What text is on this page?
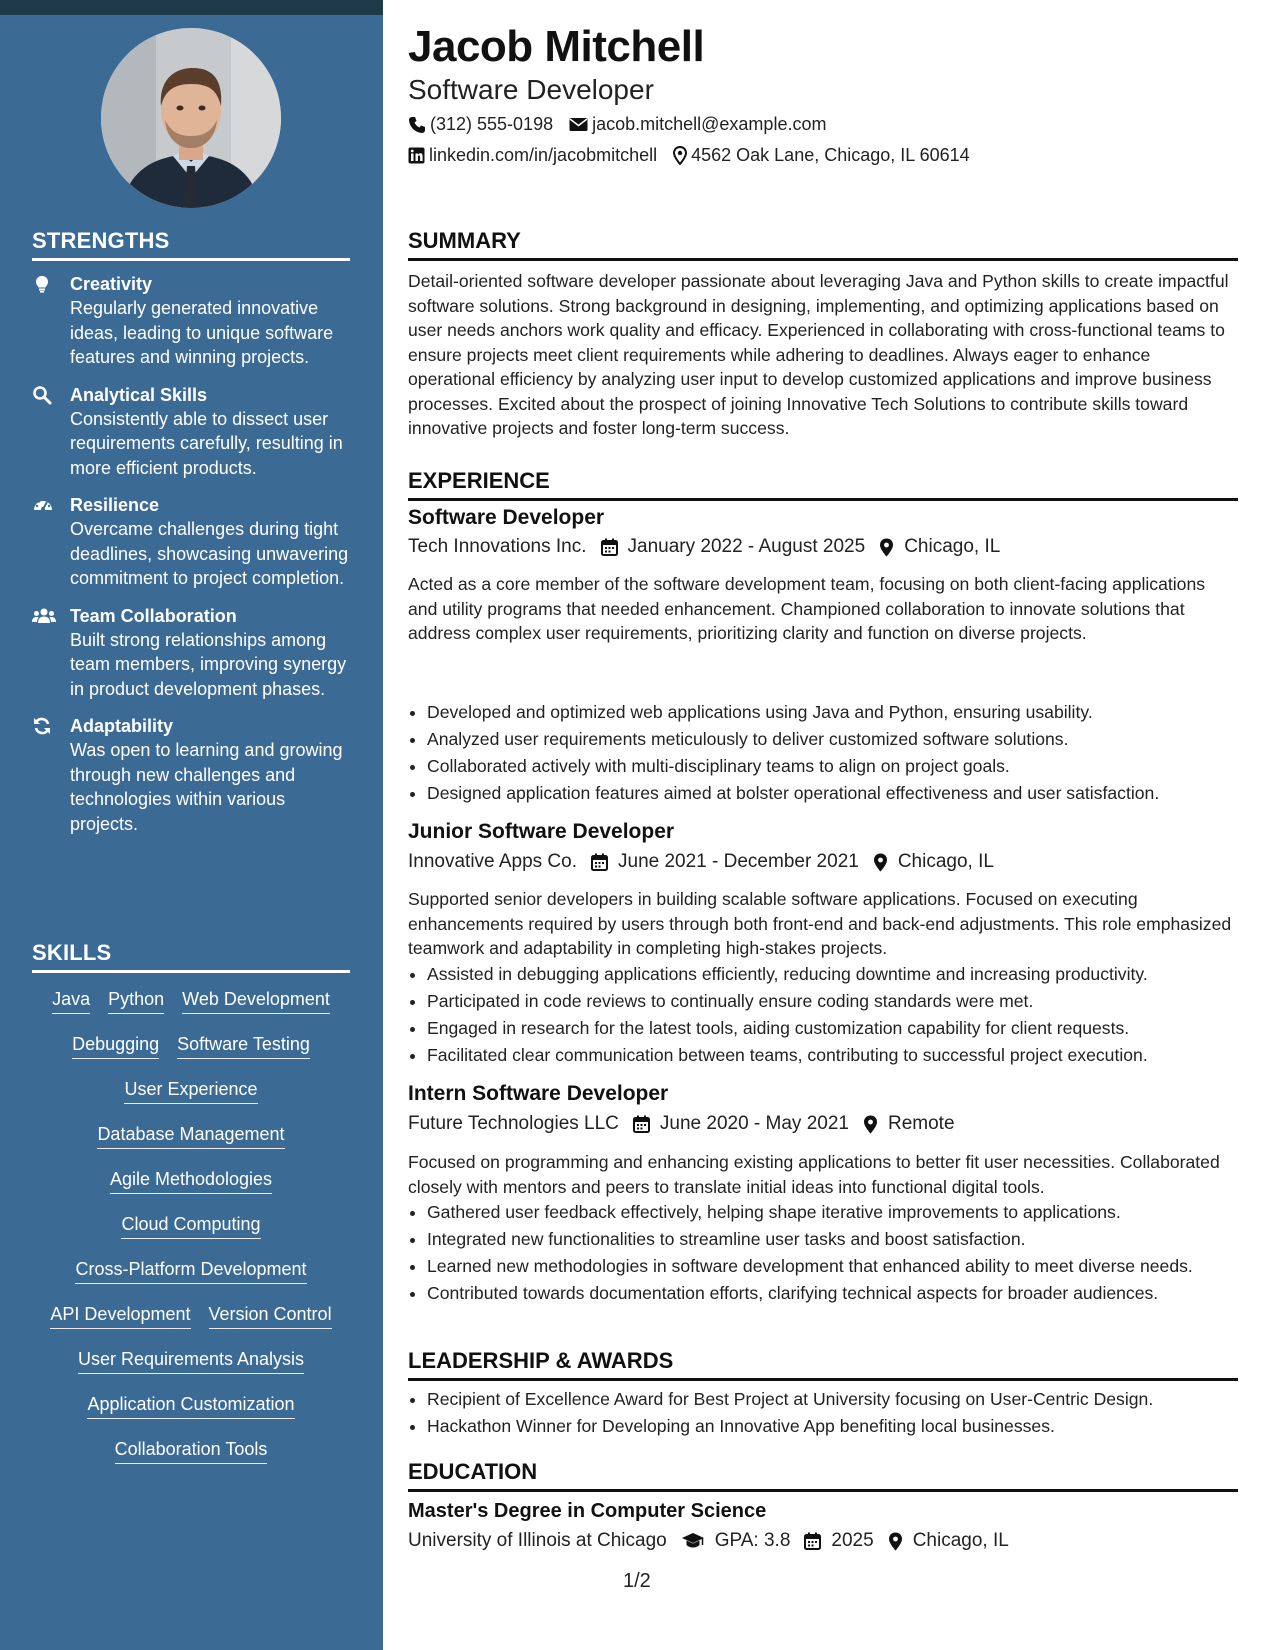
STRENGTHS
Creativity
Regularly generated innovative ideas, leading to unique software features and winning projects.
Analytical Skills
Consistently able to dissect user requirements carefully, resulting in more efficient products.
Resilience
Overcame challenges during tight deadlines, showcasing unwavering commitment to project completion.
Team Collaboration
Built strong relationships among team members, improving synergy in product development phases.
Adaptability
Was open to learning and growing through new challenges and technologies within various projects.
SKILLS
Java Python Web Development
Debugging Software Testing
User Experience
Database Management
Agile Methodologies
Cloud Computing
Cross-Platform Development
API Development Version Control
User Requirements Analysis
Application Customization
Collaboration Tools
Jacob Mitchell
Software Developer
(312) 555-0198 jacob.mitchell@example.com
linkedin.com/in/jacobmitchell 4562 Oak Lane, Chicago, IL 60614
SUMMARY
Detail-oriented software developer passionate about leveraging Java and Python skills to create impactful software solutions. Strong background in designing, implementing, and optimizing applications based on user needs anchors work quality and efficacy. Experienced in collaborating with cross-functional teams to ensure projects meet client requirements while adhering to deadlines. Always eager to enhance operational efficiency by analyzing user input to develop customized applications and improve business processes. Excited about the prospect of joining Innovative Tech Solutions to contribute skills toward innovative projects and foster long-term success.
EXPERIENCE
Software Developer
Tech Innovations Inc. January 2022 - August 2025 Chicago, IL
Acted as a core member of the software development team, focusing on both client-facing applications and utility programs that needed enhancement. Championed collaboration to innovate solutions that address complex user requirements, prioritizing clarity and function on diverse projects.
• Developed and optimized web applications using Java and Python, ensuring usability.
• Analyzed user requirements meticulously to deliver customized software solutions.
• Collaborated actively with multi-disciplinary teams to align on project goals.
• Designed application features aimed at bolster operational effectiveness and user satisfaction.
Junior Software Developer
Innovative Apps Co. June 2021 - December 2021 Chicago, IL
Supported senior developers in building scalable software applications. Focused on executing enhancements required by users through both front-end and back-end adjustments. This role emphasized teamwork and adaptability in completing high-stakes projects.
• Assisted in debugging applications efficiently, reducing downtime and increasing productivity.
• Participated in code reviews to continually ensure coding standards were met.
• Engaged in research for the latest tools, aiding customization capability for client requests.
• Facilitated clear communication between teams, contributing to successful project execution.
Intern Software Developer
Future Technologies LLC June 2020 - May 2021 Remote
Focused on programming and enhancing existing applications to better fit user necessities. Collaborated closely with mentors and peers to translate initial ideas into functional digital tools.
• Gathered user feedback effectively, helping shape iterative improvements to applications.
• Integrated new functionalities to streamline user tasks and boost satisfaction.
• Learned new methodologies in software development that enhanced ability to meet diverse needs.
• Contributed towards documentation efforts, clarifying technical aspects for broader audiences.
LEADERSHIP & AWARDS
• Recipient of Excellence Award for Best Project at University focusing on User-Centric Design.
• Hackathon Winner for Developing an Innovative App benefiting local businesses.
EDUCATION
Master's Degree in Computer Science
University of Illinois at Chicago	GPA: 3.8 2025 Chicago, IL
1/2
